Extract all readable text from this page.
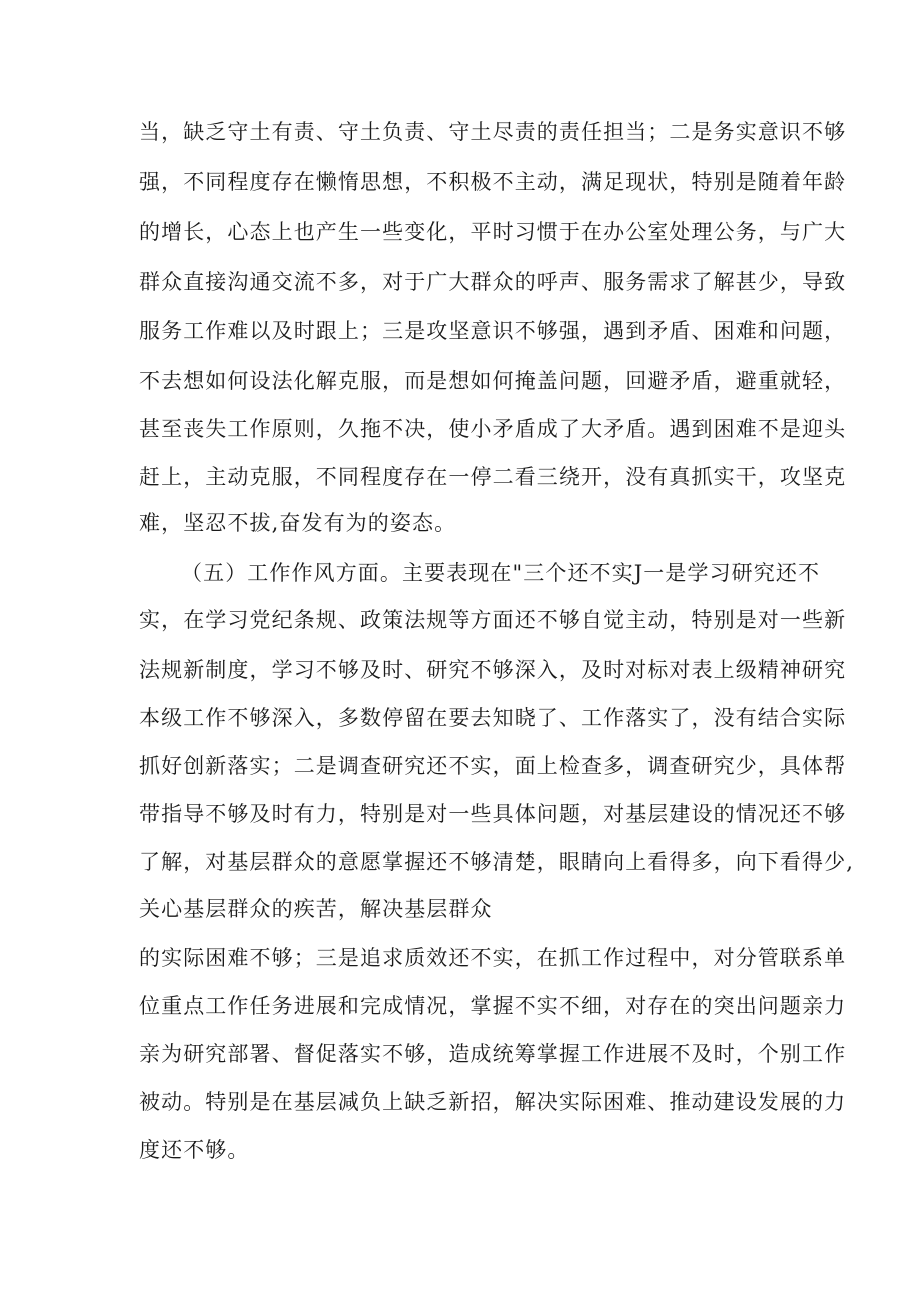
当，缺乏守土有责、守土负责、守土尽责的责任担当；二是务实意识不够
强，不同程度存在懒惰思想，不积极不主动，满足现状，特别是随着年龄
的增长，心态上也产生一些变化，平时习惯于在办公室处理公务，与广大
群众直接沟通交流不多，对于广大群众的呼声、服务需求了解甚少，导致
服务工作难以及时跟上；三是攻坚意识不够强，遇到矛盾、困难和问题，
不去想如何设法化解克服，而是想如何掩盖问题，回避矛盾，避重就轻，
甚至丧失工作原则，久拖不决，使小矛盾成了大矛盾。遇到困难不是迎头
赶上，主动克服，不同程度存在一停二看三绕开，没有真抓实干，攻坚克
难，坚忍不拔,奋发有为的姿态。
（五）工作作风方面。主要表现在"三个还不实J一是学习研究还不
实，在学习党纪条规、政策法规等方面还不够自觉主动，特别是对一些新
法规新制度，学习不够及时、研究不够深入，及时对标对表上级精神研究
本级工作不够深入，多数停留在要去知晓了、工作落实了，没有结合实际
抓好创新落实；二是调查研究还不实，面上检查多，调查研究少，具体帮
带指导不够及时有力，特别是对一些具体问题，对基层建设的情况还不够
了解，对基层群众的意愿掌握还不够清楚，眼睛向上看得多，向下看得少,
关心基层群众的疾苦，解决基层群众
的实际困难不够；三是追求质效还不实，在抓工作过程中，对分管联系单
位重点工作任务进展和完成情况，掌握不实不细，对存在的突出问题亲力
亲为研究部署、督促落实不够，造成统筹掌握工作进展不及时，个别工作
被动。特别是在基层减负上缺乏新招，解决实际困难、推动建设发展的力
度还不够。
